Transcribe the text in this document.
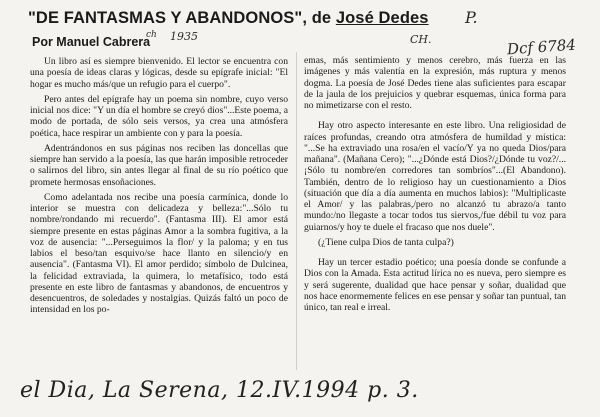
"DE FANTASMAS Y ABANDONOS", de José Dedes P.
CH.	Dcf 6784
Por Manuel Cabrera
ch 1935

Un libro así es siempre bienvenido. El lector se encuentra con una poesía de ideas claras y lógicas, desde su epígrafe inicial: "El hogar es mucho más/que un refugio para el cuerpo".

Pero antes del epígrafe hay un poema sin nombre, cuyo verso inicial nos dice: "Y un día el hombre se creyó dios"...Este poema, a modo de portada, de sólo seis versos, ya crea una atmósfera poética, hace respirar un ambiente con y para la poesía.

Adentrándonos en sus páginas nos reciben las doncellas que siempre han servido a la poesía, las que harán imposible retroceder o salirnos del libro, sin antes llegar al final de su río poético que promete hermosas ensoñaciones.

Como adelantada nos recibe una poesía carmínica, donde lo interior se muestra con delicadeza y belleza:"...Sólo tu nombre/rondando mi recuerdo". (Fantasma III). El amor está siempre presente en estas páginas Amor a la sombra fugitiva, a la voz de ausencia: "...Perseguimos la flor/ y la paloma; y en tus labios el beso/tan esquivo/se hace llanto en silencio/y en ausencia". (Fantasma VI). El amor perdido; símbolo de Dulcinea, la felicidad extraviada, la quimera, lo metafísico, todo está presente en este libro de fantasmas y abandonos, de encuentros y desencuentros, de soledades y nostalgias. Quizás faltó un poco de intensidad en los po-

emas, más sentimiento y menos cerebro, más fuerza en las imágenes y más valentía en la expresión, más ruptura y menos dogma. La poesía de José Dedes tiene alas suficientes para escapar de la jaula de los prejuicios y quebrar esquemas, única forma para no mimetizarse con el resto.

Hay otro aspecto interesante en este libro. Una religiosidad de raíces profundas, creando otra atmósfera de humildad y mística: "...Se ha extraviado una rosa/en el vacío/Y ya no queda Dios/para mañana". (Mañana Cero); "...¿Dónde está Dios?/¿Dónde tu voz?/...¡Sólo tu nombre/en corredores tan sombríos"...(El Abandono). También, dentro de lo religioso hay un cuestionamiento a Dios (situación que día a día aumenta en muchos labios): "Multiplicaste el Amor/ y las palabras,/pero no alcanzó tu abrazo/a tanto mundo:/no llegaste a tocar todos tus siervos,/fue débil tu voz para guiarnos/y hoy te duele el fracaso que nos duele".

(¿Tiene culpa Dios de tanta culpa?)

Hay un tercer estadio poético; una poesía donde se confunde a Dios con la Amada. Esta actitud lírica no es nueva, pero siempre es y será sugerente, dualidad que hace pensar y soñar, dualidad que nos hace enormemente felices en ese pensar y soñar tan puntual, tan único, tan real e irreal.

el Dia, La Serena, 12.IV.1994 p. 3.
